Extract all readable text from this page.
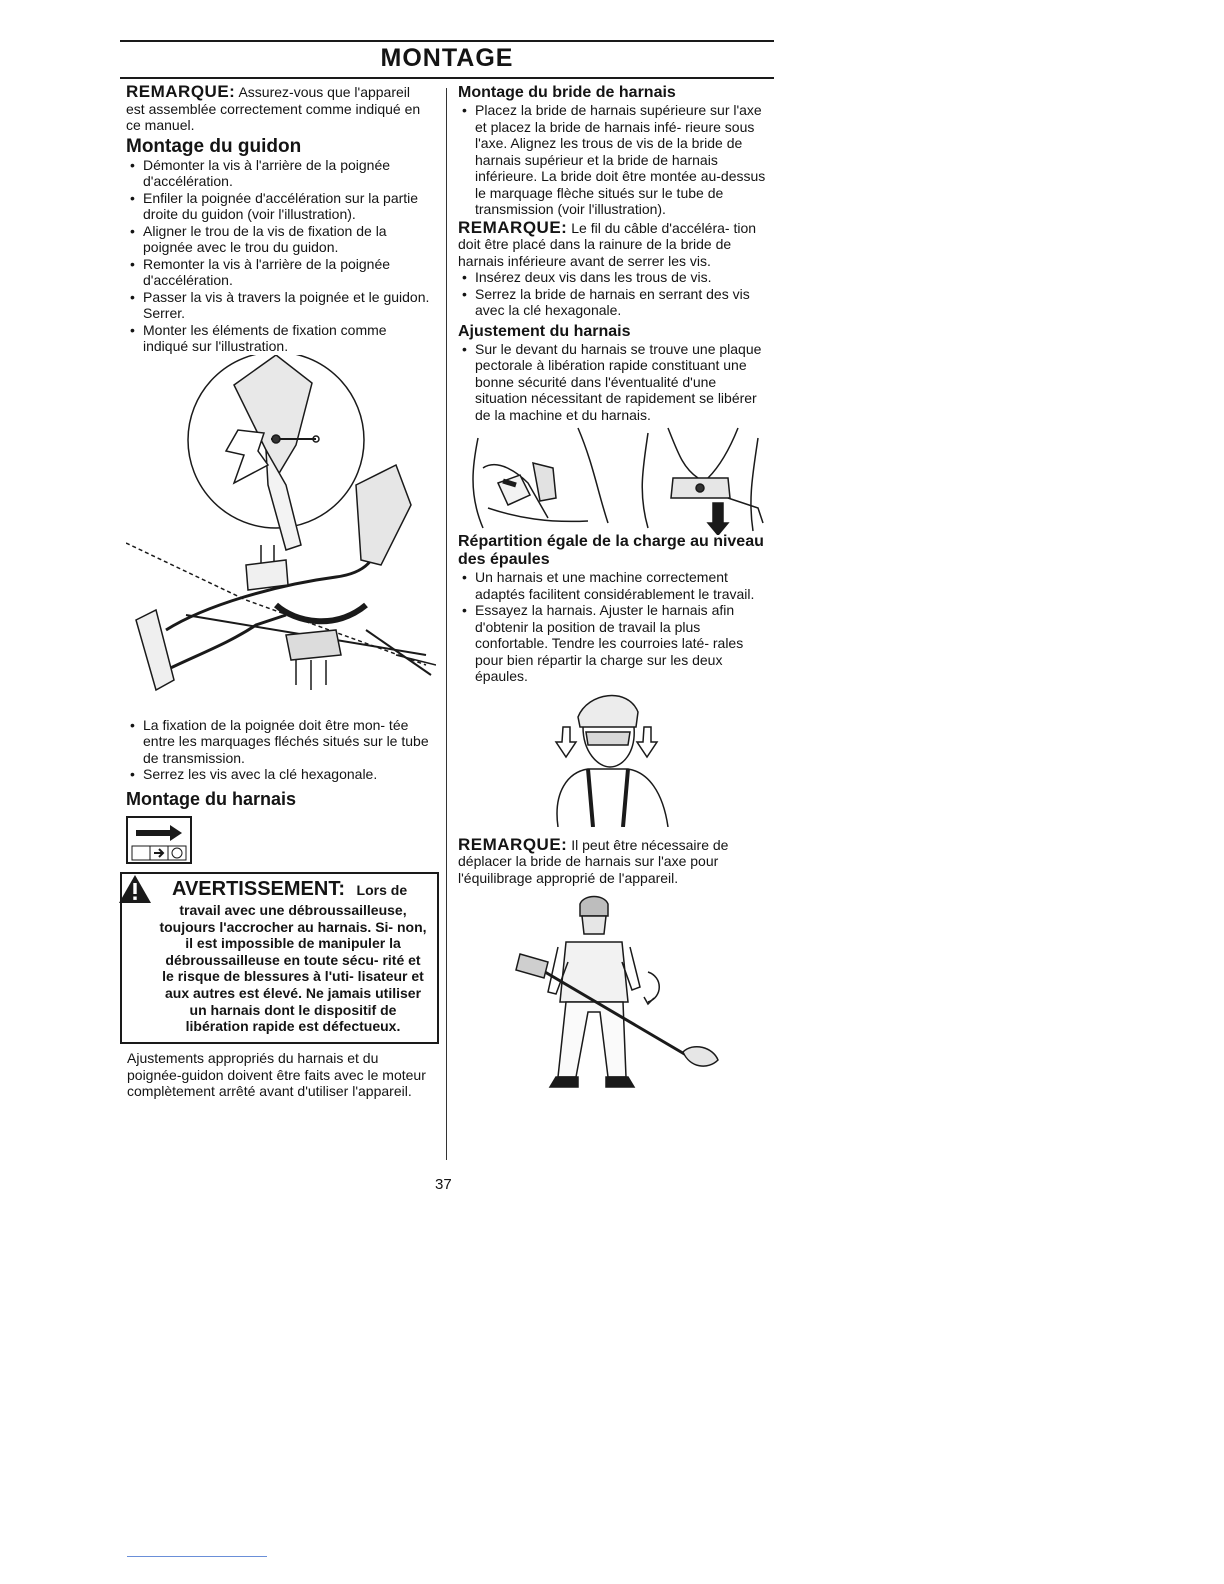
MONTAGE

REMARQUE: Assurez-vous que l'appareil est assemblée correctement comme indiqué en ce manuel.

Montage du guidon
• Démonter la vis à l'arrière de la poignée d'accélération.
• Enfiler la poignée d'accélération sur la partie droite du guidon (voir l'illustration).
• Aligner le trou de la vis de fixation de la poignée avec le trou du guidon.
• Remonter la vis à l'arrière de la poignée d'accélération.
• Passer la vis à travers la poignée et le guidon. Serrer.
• Monter les éléments de fixation comme indiqué sur l'illustration.
• La fixation de la poignée doit être mon- tée entre les marquages fléchés situés sur le tube de transmission.
• Serrez les vis avec la clé hexagonale.
Montage du harnais
AVERTISSEMENT: Lors de
travail avec une débroussailleuse, toujours l'accrocher au harnais. Si- non, il est impossible de manipuler la débroussailleuse en toute sécu- rité et le risque de blessures à l'uti- lisateur et aux autres est élevé. Ne jamais utiliser un harnais dont le dispositif de libération rapide est défectueux.

Ajustements appropriés du harnais et du poignée-guidon doivent être faits avec le moteur complètement arrêté avant d'utiliser l'appareil.

Montage du bride de harnais
• Placez la bride de harnais supérieure sur l'axe et placez la bride de harnais infé- rieure sous l'axe. Alignez les trous de vis de la bride de harnais supérieur et la bride de harnais inférieure. La bride doit être montée au-dessus le marquage flèche situés sur le tube de transmission (voir l'illustration).

REMARQUE: Le fil du câble d'accéléra- tion doit être placé dans la rainure de la bride de harnais inférieure avant de serrer les vis.

• Insérez deux vis dans les trous de vis.
• Serrez la bride de harnais en serrant des vis avec la clé hexagonale.
Ajustement du harnais
• Sur le devant du harnais se trouve une plaque pectorale à libération rapide constituant une bonne sécurité dans l'éventualité d'une situation nécessitant de rapidement se libérer de la machine et du harnais.
Répartition égale de la charge au niveau des épaules
• Un harnais et une machine correctement adaptés facilitent considérablement le travail.
• Essayez la harnais. Ajuster le harnais afin d'obtenir la position de travail la plus confortable. Tendre les courroies laté- rales pour bien répartir la charge sur les deux épaules.

REMARQUE: Il peut être nécessaire de déplacer la bride de harnais sur l'axe pour l'équilibrage approprié de l'appareil.

37
